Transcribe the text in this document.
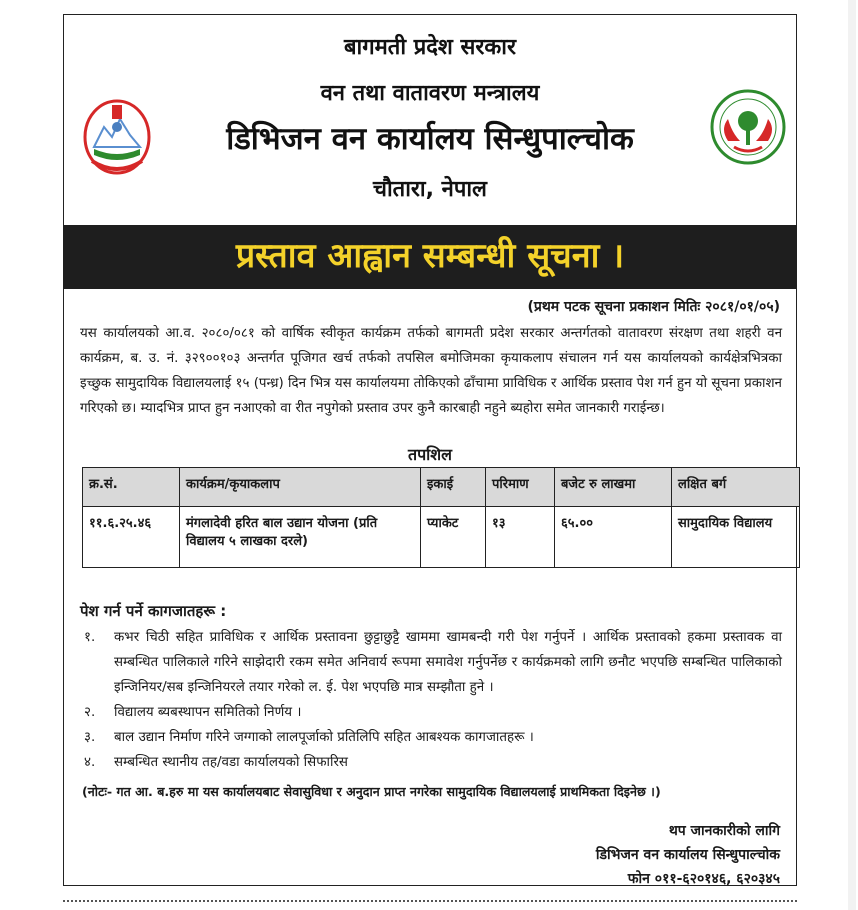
बागमती प्रदेश सरकार
वन तथा वातावरण मन्त्रालय
डिभिजन वन कार्यालय सिन्धुपाल्चोक
चौतारा, नेपाल
प्रस्ताव आह्वान सम्बन्धी सूचना ।
(प्रथम पटक सूचना प्रकाशन मितिः २०८१/०१/०५)
यस कार्यालयको आ.व. २०८०/०८१ को वार्षिक स्वीकृत कार्यक्रम तर्फको बागमती प्रदेश सरकार अन्तर्गतको वातावरण संरक्षण तथा शहरी वन कार्यक्रम, ब. उ. नं. ३२९००१०३ अन्तर्गत पूजिगत खर्च तर्फको तपसिल बमोजिमका कृयाकलाप संचालन गर्न यस कार्यालयको कार्यक्षेत्रभित्रका इच्छुक सामुदायिक विद्यालयलाई १५ (पन्ध्र) दिन भित्र यस कार्यालयमा तोकिएको ढाँचामा प्राविधिक र आर्थिक प्रस्ताव पेश गर्न हुन यो सूचना प्रकाशन गरिएको छ। म्यादभित्र प्राप्त हुन नआएको वा रीत नपुगेको प्रस्ताव उपर कुनै कारबाही नहुने ब्यहोरा समेत जानकारी गराईन्छ।
तपशिल
क्र.सं.	कार्यक्रम/कृयाकलाप	इकाई	परिमाण	बजेट रु लाखमा	लक्षित बर्ग
११.६.२५.४६	मंगलादेवी हरित बाल उद्यान योजना (प्रति विद्यालय ५ लाखका दरले)	प्याकेट	१३	६५.००	सामुदायिक विद्यालय
पेश गर्न पर्ने कागजातहरू :
१.	कभर चिठी सहित प्राविधिक र आर्थिक प्रस्तावना छुट्टाछुट्टै खाममा खामबन्दी गरी पेश गर्नुपर्ने । आर्थिक प्रस्तावको हकमा प्रस्तावक वा सम्बन्धित पालिकाले गरिने साझेदारी रकम समेत अनिवार्य रूपमा समावेश गर्नुपर्नेछ र कार्यक्रमको लागि छनौट भएपछि सम्बन्धित पालिकाको इन्जिनियर/सब इन्जिनियरले तयार गरेको ल. ई. पेश भएपछि मात्र सम्झौता हुने ।
२.	विद्यालय ब्यबस्थापन समितिको निर्णय ।
३.	बाल उद्यान निर्माण गरिने जग्गाको लालपूर्जाको प्रतिलिपि सहित आबश्यक कागजातहरू ।
४.	सम्बन्धित स्थानीय तह/वडा कार्यालयको सिफारिस
(नोटः- गत आ. ब.हरु मा यस कार्यालयबाट सेवासुविधा र अनुदान प्राप्त नगरेका सामुदायिक विद्यालयलाई प्राथमिकता दिइनेछ ।)
थप जानकारीको लागि
डिभिजन वन कार्यालय सिन्धुपाल्चोक
फोन ०११-६२०१४६, ६२०३४५
